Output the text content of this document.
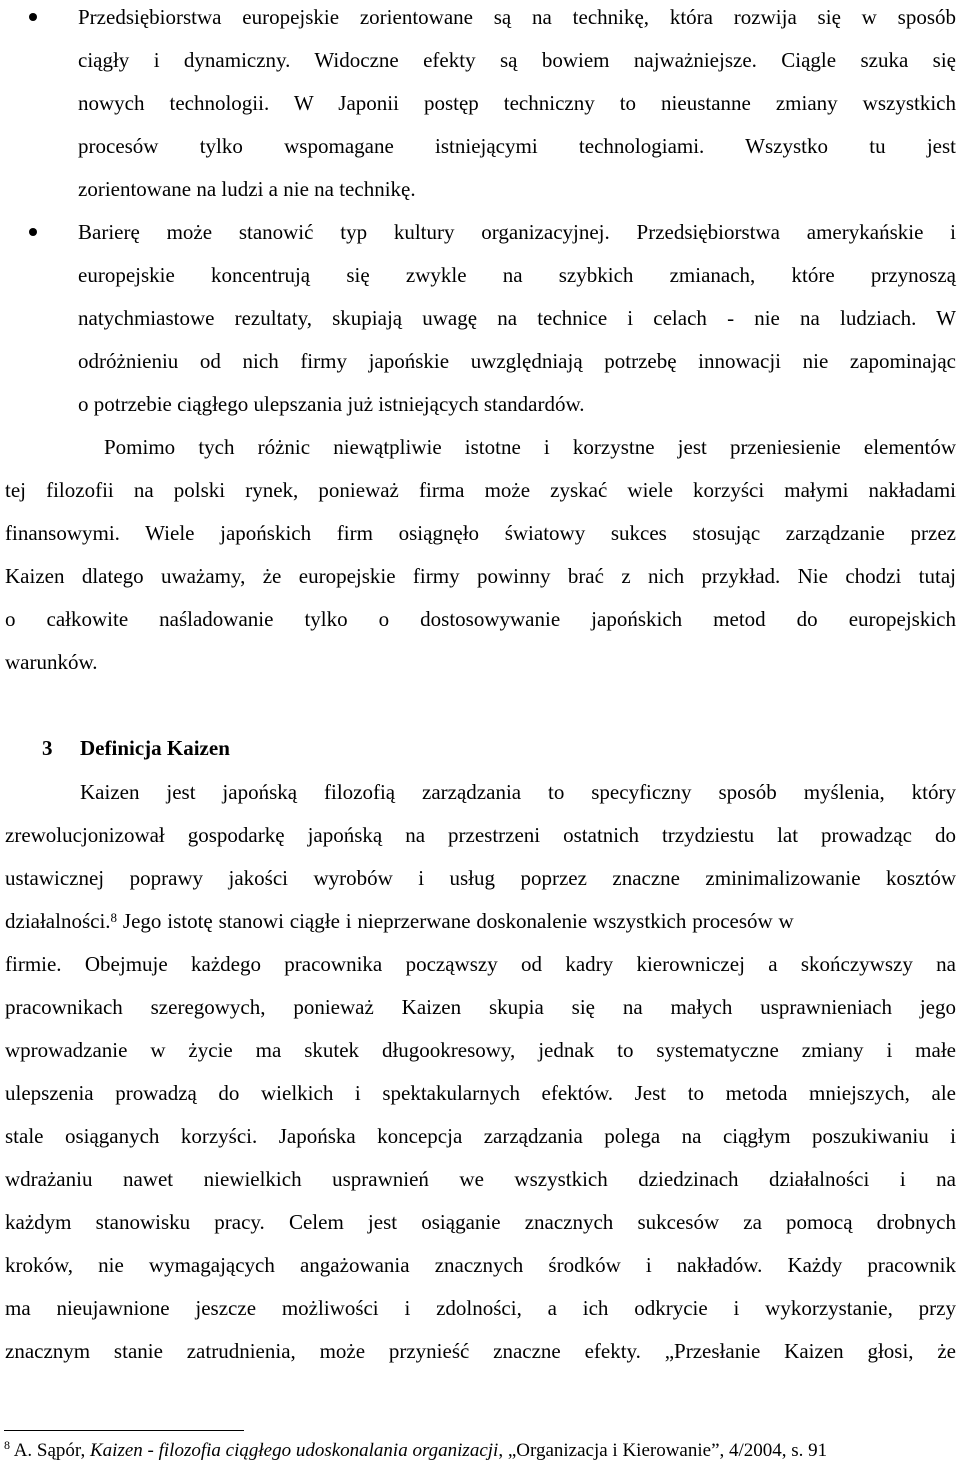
Przedsiębiorstwa europejskie zorientowane są na technikę, która rozwija się w sposób
ciągły i dynamiczny. Widoczne efekty są bowiem najważniejsze. Ciągle szuka się
nowych technologii. W Japonii postęp techniczny to nieustanne zmiany wszystkich
procesów tylko wspomagane istniejącymi technologiami. Wszystko tu jest
zorientowane na ludzi a nie na technikę.
Barierę może stanowić typ kultury organizacyjnej. Przedsiębiorstwa amerykańskie i
europejskie koncentrują się zwykle na szybkich zmianach, które przynoszą
natychmiastowe rezultaty, skupiają uwagę na technice i celach - nie na ludziach. W
odróżnieniu od nich firmy japońskie uwzględniają potrzebę innowacji nie zapominając
o potrzebie ciągłego ulepszania już istniejących standardów.
Pomimo tych różnic niewątpliwie istotne i korzystne jest przeniesienie elementów
tej filozofii na polski rynek, ponieważ firma może zyskać wiele korzyści małymi nakładami
finansowymi. Wiele japońskich firm osiągnęło światowy sukces stosując zarządzanie przez
Kaizen dlatego uważamy, że europejskie firmy powinny brać z nich przykład. Nie chodzi tutaj
o całkowite naśladowanie tylko o dostosowywanie japońskich metod do europejskich
warunków.
3 Definicja Kaizen
Kaizen jest japońską filozofią zarządzania to specyficzny sposób myślenia, który
zrewolucjonizował gospodarkę japońską na przestrzeni ostatnich trzydziestu lat prowadząc do
ustawicznej poprawy jakości wyrobów i usług poprzez znaczne zminimalizowanie kosztów
działalności. 8 Jego istotę stanowi ciągłe i nieprzerwane doskonalenie wszystkich procesów w
firmie. Obejmuje każdego pracownika począwszy od kadry kierowniczej a skończywszy na
pracownikach szeregowych, ponieważ Kaizen skupia się na małych usprawnieniach jego
wprowadzanie w życie ma skutek długookresowy, jednak to systematyczne zmiany i małe
ulepszenia prowadzą do wielkich i spektakularnych efektów. Jest to metoda mniejszych, ale
stale osiąganych korzyści. Japońska koncepcja zarządzania polega na ciągłym poszukiwaniu i
wdrażaniu nawet niewielkich usprawnień we wszystkich dziedzinach działalności i na
każdym stanowisku pracy. Celem jest osiąganie znacznych sukcesów za pomocą drobnych
kroków, nie wymagających angażowania znacznych środków i nakładów. Każdy pracownik
ma nieujawnione jeszcze możliwości i zdolności, a ich odkrycie i wykorzystanie, przy
znacznym stanie zatrudnienia, może przynieść znaczne efekty. „Przesłanie Kaizen głosi, że
$^8$ A. Sąpór, Kaizen - filozofia ciągłego udoskonalania organizacji, „Organizacja i Kierowanie”, 4/2004, s. 91
